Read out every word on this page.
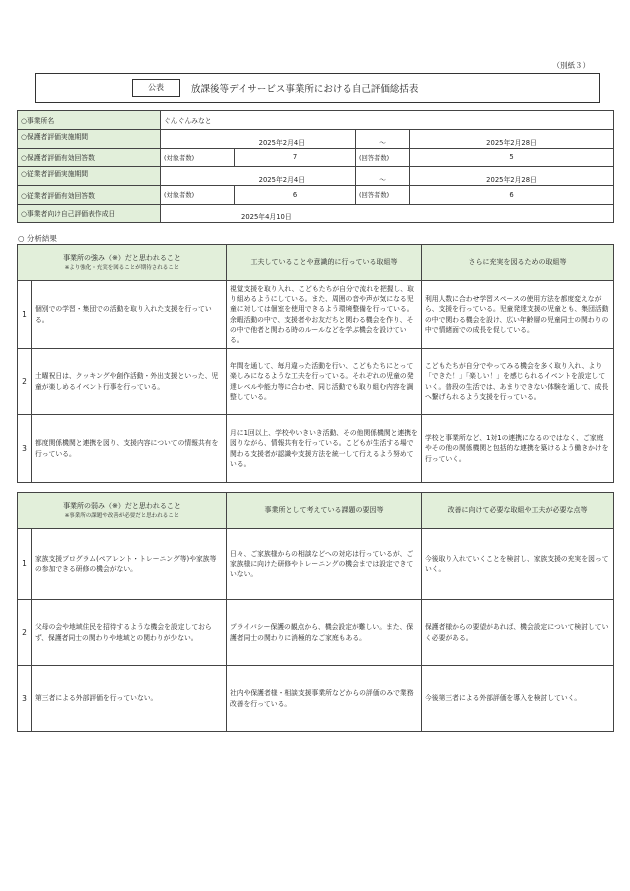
（別紙３）
公表	放課後等デイサービス事業所における自己評価総括表
○事業所名	ぐんぐんみなと			
○保護者評価実施期間	2025年2月4日		～	2025年2月28日
○保護者評価有効回答数	(対象者数)	7	(回答者数)	5
○従業者評価実施期間	2025年2月4日		～	2025年2月28日
○従業者評価有効回答数	(対象者数)	6	(回答者数)	6
○事業者向け自己評価表作成日	2025年4月10日			
○ 分析結果
事業所の強み（※）だと思われること
※より強化・充実を図ることが期待されること		工夫していることや意識的に行っている取組等	さらに充実を図るための取組等
1	個別での学習・集団での活動を取り入れた支援を行っている。	視覚支援を取り入れ、こどもたちが自分で流れを把握し、取り組めるようにしている。また、周囲の音や声が気になる児童に対しては個室を使用できるよう環境整備を行っている。余暇活動の中で、支援者やお友だちと関わる機会を作り、その中で他者と関わる時のルールなどを学ぶ機会を設けている。	利用人数に合わせ学習スペースの使用方法を都度変えながら、支援を行っている。児童発達支援の児童とも、集団活動の中で関わる機会を設け、広い年齢層の児童同士の関わりの中で情緒面での成長を促している。
2	土曜祝日は、クッキングや創作活動・外出支援といった、児童が楽しめるイベント行事を行っている。	年間を通して、毎月違った活動を行い、こどもたちにとって楽しみになるような工夫を行っている。それぞれの児童の発達レベルや能力等に合わせ、同じ活動でも取り組む内容を調整している。	こどもたちが自分でやってみる機会を多く取り入れ、より「できた！」「楽しい！」を感じられるイベントを設定していく。普段の生活では、あまりできない体験を通して、成長へ繋げられるよう支援を行っている。
3	都度関係機関と連携を図り、支援内容についての情報共有を行っている。	月に1回以上、学校やいきいき活動、その他関係機関と連携を図りながら、情報共有を行っている。こどもが生活する場で関わる支援者が認識や支援方法を統一して行えるよう努めている。	学校と事業所など、1対1の連携になるのではなく、ご家庭やその他の関係機関と包括的な連携を築けるよう働きかけを行っていく。
事業所の弱み（※）だと思われること
※事業所の課題や改善が必要だと思われること		事業所として考えている課題の要因等	改善に向けて必要な取組や工夫が必要な点等
1	家族支援プログラム(ペアレント・トレーニング等)や家族等の参加できる研修の機会がない。	日々、ご家族様からの相談などへの対応は行っているが、ご家族様に向けた研修やトレーニングの機会までは設定できていない。	今後取り入れていくことを検討し、家族支援の充実を図っていく。
2	父母の会や地域住民を招待するような機会を設定しておらず、保護者同士の関わりや地域との関わりが少ない。	プライバシー保護の観点から、機会設定が難しい。また、保護者同士の関わりに消極的なご家庭もある。	保護者様からの要望があれば、機会設定について検討していく必要がある。
3	第三者による外部評価を行っていない。	社内や保護者様・相談支援事業所などからの評価のみで業務改善を行っている。	今後第三者による外部評価を導入を検討していく。
